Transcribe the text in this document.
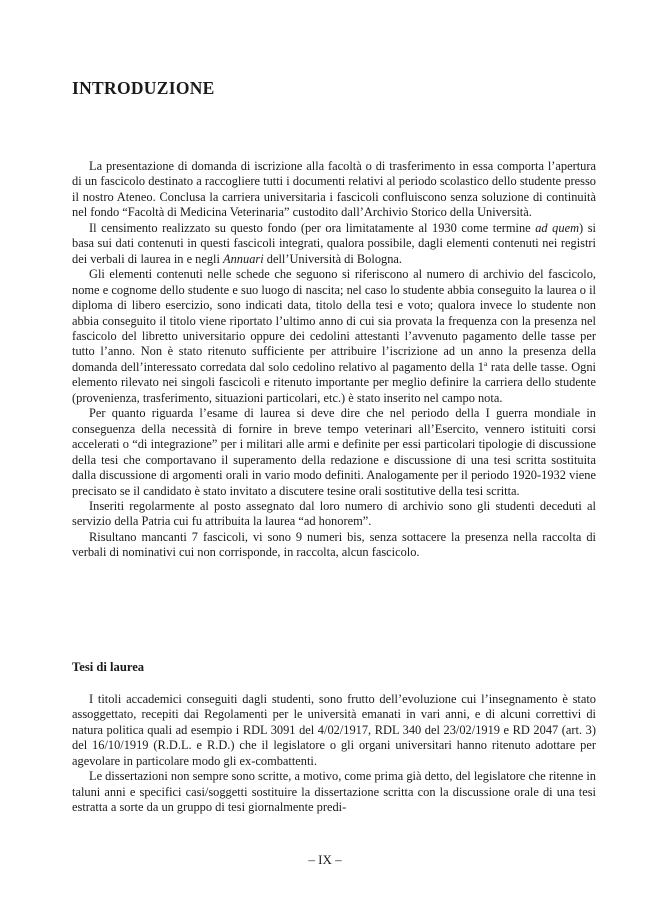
INTRODUZIONE

La presentazione di domanda di iscrizione alla facoltà o di trasferimento in essa comporta l’apertura di un fascicolo destinato a raccogliere tutti i documenti relativi al periodo scolastico dello studente presso il nostro Ateneo. Conclusa la carriera universitaria i fascicoli confluiscono senza soluzione di continuità nel fondo “Facoltà di Medicina Veterinaria” custodito dall’Archivio Storico della Università.

Il censimento realizzato su questo fondo (per ora limitatamente al 1930 come termine ad quem) si basa sui dati contenuti in questi fascicoli integrati, qualora possibile, dagli elementi contenuti nei registri dei verbali di laurea in e negli Annuari dell’Università di Bologna.

Gli elementi contenuti nelle schede che seguono si riferiscono al numero di archivio del fascicolo, nome e cognome dello studente e suo luogo di nascita; nel caso lo studente abbia conseguito la laurea o il diploma di libero esercizio, sono indicati data, titolo della tesi e voto; qualora invece lo studente non abbia conseguito il titolo viene riportato l’ultimo anno di cui sia provata la frequenza con la presenza nel fascicolo del libretto universitario oppure dei cedolini attestanti l’avvenuto pagamento delle tasse per tutto l’anno. Non è stato ritenuto sufficiente per attribuire l’iscrizione ad un anno la presenza della domanda dell’interessato corredata dal solo cedolino relativo al pagamento della 1$^a$ rata delle tasse. Ogni elemento rilevato nei singoli fascicoli e ritenuto importante per meglio definire la carriera dello studente (provenienza, trasferimento, situazioni particolari, etc.) è stato inserito nel campo nota.

Per quanto riguarda l’esame di laurea si deve dire che nel periodo della I guerra mondiale in conseguenza della necessità di fornire in breve tempo veterinari all’Esercito, vennero istituiti corsi accelerati o “di integrazione” per i militari alle armi e definite per essi particolari tipologie di discussione della tesi che comportavano il superamento della redazione e discussione di una tesi scritta sostituita dalla discussione di argomenti orali in vario modo definiti. Analogamente per il periodo 1920-1932 viene precisato se il candidato è stato invitato a discutere tesine orali sostitutive della tesi scritta.

Inseriti regolarmente al posto assegnato dal loro numero di archivio sono gli studenti deceduti al servizio della Patria cui fu attribuita la laurea “ad honorem”.

Risultano mancanti 7 fascicoli, vi sono 9 numeri bis, senza sottacere la presenza nella raccolta di verbali di nominativi cui non corrisponde, in raccolta, alcun fascicolo.

Tesi di laurea

I titoli accademici conseguiti dagli studenti, sono frutto dell’evoluzione cui l’insegnamento è stato assoggettato, recepiti dai Regolamenti per le università emanati in vari anni, e di alcuni correttivi di natura politica quali ad esempio i RDL 3091 del 4/02/1917, RDL 340 del 23/02/1919 e RD 2047 (art. 3) del 16/10/1919 (R.D.L. e R.D.) che il legislatore o gli organi universitari hanno ritenuto adottare per agevolare in particolare modo gli ex-combattenti.

Le dissertazioni non sempre sono scritte, a motivo, come prima già detto, del legislatore che ritenne in taluni anni e specifici casi/soggetti sostituire la dissertazione scritta con la discussione orale di una tesi estratta a sorte da un gruppo di tesi giornalmente predi-

– IX –
